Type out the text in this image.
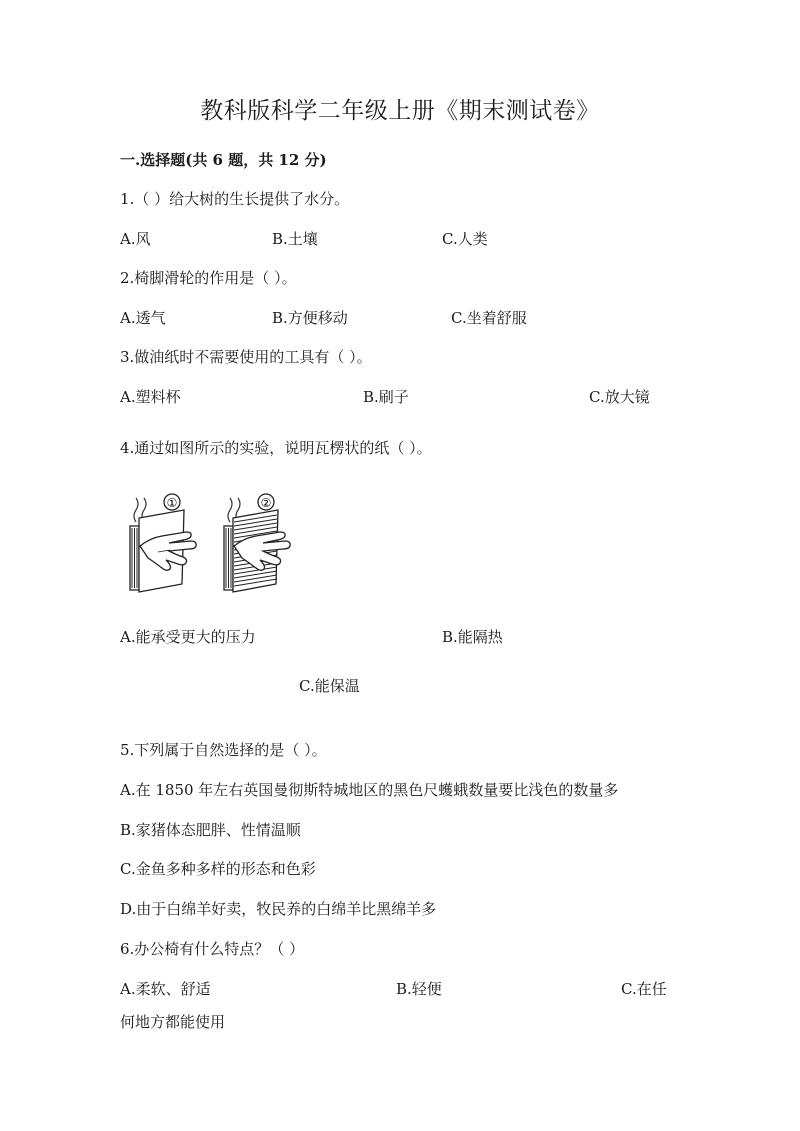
教科版科学二年级上册《期末测试卷》
一.选择题(共 6 题，共 12 分)
1.（ ）给大树的生长提供了水分。
A.风	B.土壤	C.人类
2.椅脚滑轮的作用是（ ）。
A.透气	B.方便移动	C.坐着舒服
3.做油纸时不需要使用的工具有（ ）。
A.塑料杯	B.刷子	C.放大镜
4.通过如图所示的实验，说明瓦楞状的纸（ ）。
①	②
A.能承受更大的压力	B.能隔热
C.能保温
5.下列属于自然选择的是（ ）。
A.在 1850 年左右英国曼彻斯特城地区的黑色尺蠖蛾数量要比浅色的数量多
B.家猪体态肥胖、性情温顺
C.金鱼多种多样的形态和色彩
D.由于白绵羊好卖，牧民养的白绵羊比黑绵羊多
6.办公椅有什么特点？（ ）
A.柔软、舒适	B.轻便	C.在任
何地方都能使用
